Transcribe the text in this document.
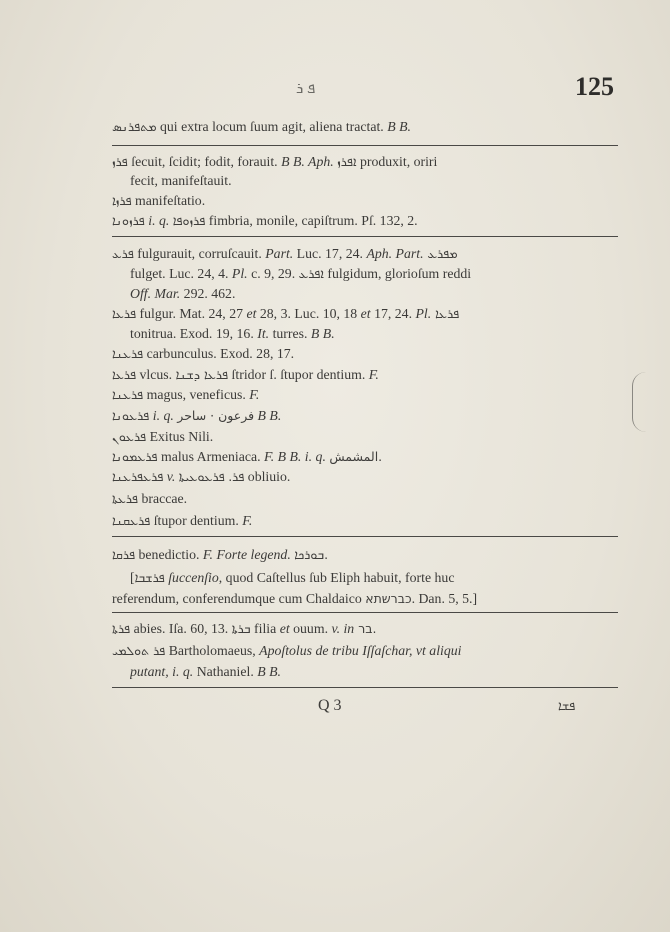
ܦ ܪ	125
ܡܬܦܪܢܣ qui extra locum ſuum agit, aliena tractat. B B.
ܦܪܙ ſecuit, ſcidit; fodit, forauit. B B. Aph. ܐܦܪܙ produxit, oriri
fecit, manifeſtauit.
ܦܪܙܐ manifeſtatio.
ܦܪܙܘܢܐ i. q. ܦܪܙܘܦܐ fimbria, monile, capiſtrum. Pſ. 132, 2.
ܦܪܥ fulgurauit, corruſcauit. Part. Luc. 17, 24. Aph. Part. ܡܦܪܥ
fulget. Luc. 24, 4. Pl. c. 9, 29. ܐܦܪܥ fulgidum, glorioſum reddi
Off. Mar. 292. 462.
ܦܪܥܐ fulgur. Mat. 24, 27 et 28, 3. Luc. 10, 18 et 17, 24. Pl. ܦܪܥܐ
tonitrua. Exod. 19, 16. It. turres. B B.
ܦܪܥܢܐ carbunculus. Exod. 28, 17.
ܦܪܥܐ vlcus. ܦܪܥܐ ܕܫܢܐ ſtridor ſ. ſtupor dentium. F.
ܦܪܥܢܐ magus, veneficus. F.
ܦܪܥܘܢܐ i. q. فرعون · ساحر B B.
ܦܪܥܘܢ Exitus Nili.
ܦܪܥܡܘܢܐ malus Armeniaca. F. B B. i. q. المشمش.
ܦܪܥܦܪܥܢܐ v.	ܦܪ. ܦܪܥܘܥܝܬܐ obliuio.
ܦܪܥܬܐ braccae.
ܦܪܥܩܢܐ ſtupor dentium. F.
ܦܪܩܐ benedictio. F. Forte legend. ܒܘܪܟܐ.
[ܦܪܫܒܐ ſuccenſio, quod Caſtellus ſub Eliph habuit, forte huc
referendum, conferendumque cum Chaldaico כברשתא. Dan. 5, 5.]
ܦܪܬܐ abies. Iſa. 60, 13. ܒܪܬܐ filia et ouum. v. in בר.
ܦܪ ܬܘܠܡܝ Bartholomaeus, Apoſtolus de tribu Iſſaſchar, vt aliqui
putant, i. q. Nathaniel. B B.
Q 3	ܦܫܐ
